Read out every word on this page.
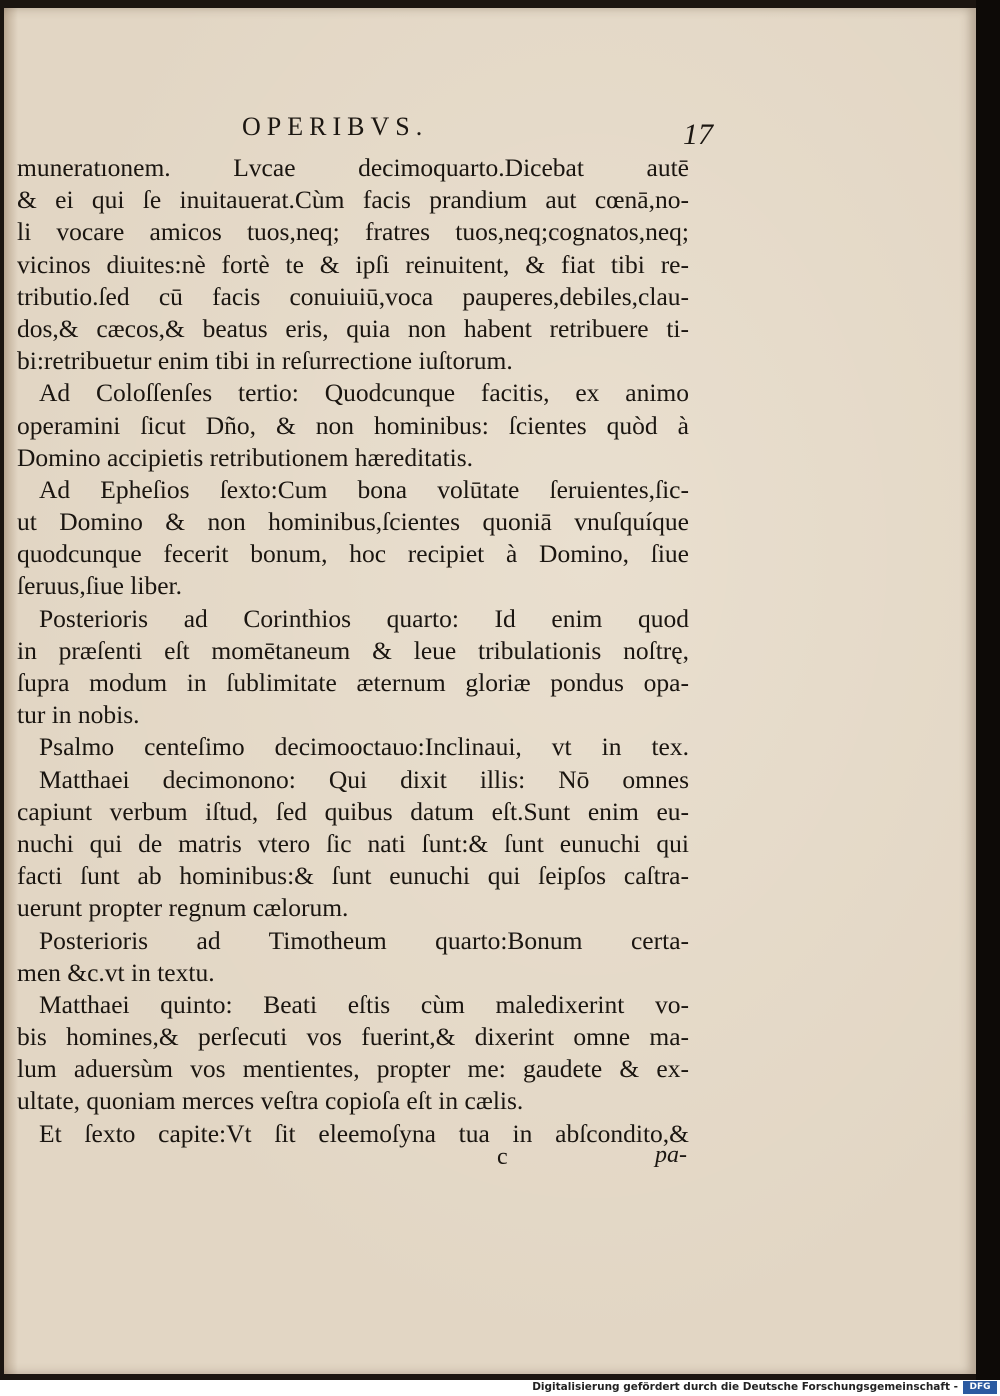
OPERIBVS.	17
muneratıonem. Lvcae decimoquarto.Dicebat autē
& ei qui ſe inuitauerat.Cùm facis prandium aut cœnā,no-
li vocare amicos tuos,neq; fratres tuos,neq;cognatos,neq;
vicinos diuites:nè fortè te & ipſi reinuitent, & fiat tibi re-
tributio.ſed cū facis conuiuiū,voca pauperes,debiles,clau-
dos,& cæcos,& beatus eris, quia non habent retribuere ti-
bi:retribuetur enim tibi in reſurrectione iuſtorum.
Ad Coloſſenſes tertio: Quodcunque facitis, ex animo
operamini ſicut Dño, & non hominibus: ſcientes quòd à
Domino accipietis retributionem hæreditatis.
Ad Epheſios ſexto:Cum bona volūtate ſeruientes,ſic-
ut Domino & non hominibus,ſcientes quoniā vnuſquíque
quodcunque fecerit bonum, hoc recipiet à Domino, ſiue
ſeruus,ſiue liber.
Posterioris ad Corinthios quarto: Id enim quod
in præſenti eſt momētaneum & leue tribulationis noſtrę,
ſupra modum in ſublimitate æternum gloriæ pondus opa-
tur in nobis.
Psalmo centeſimo decimooctauo:Inclinaui, vt in tex.
Matthaei decimonono: Qui dixit illis: Nō omnes
capiunt verbum iſtud, ſed quibus datum eſt.Sunt enim eu-
nuchi qui de matris vtero ſic nati ſunt:& ſunt eunuchi qui
facti ſunt ab hominibus:& ſunt eunuchi qui ſeipſos caſtra-
uerunt propter regnum cælorum.
Posterioris ad Timotheum quarto:Bonum certa-
men &c.vt in textu.
Matthaei quinto: Beati eſtis cùm maledixerint vo-
bis homines,& perſecuti vos fuerint,& dixerint omne ma-
lum aduersùm vos mentientes, propter me: gaudete & ex-
ultate, quoniam merces veſtra copioſa eſt in cælis.
Et ſexto capite:Vt ſit eleemoſyna tua in abſcondito,&
c	pa-
Digitalisierung gefördert durch die Deutsche Forschungsgemeinschaft -	DFG
